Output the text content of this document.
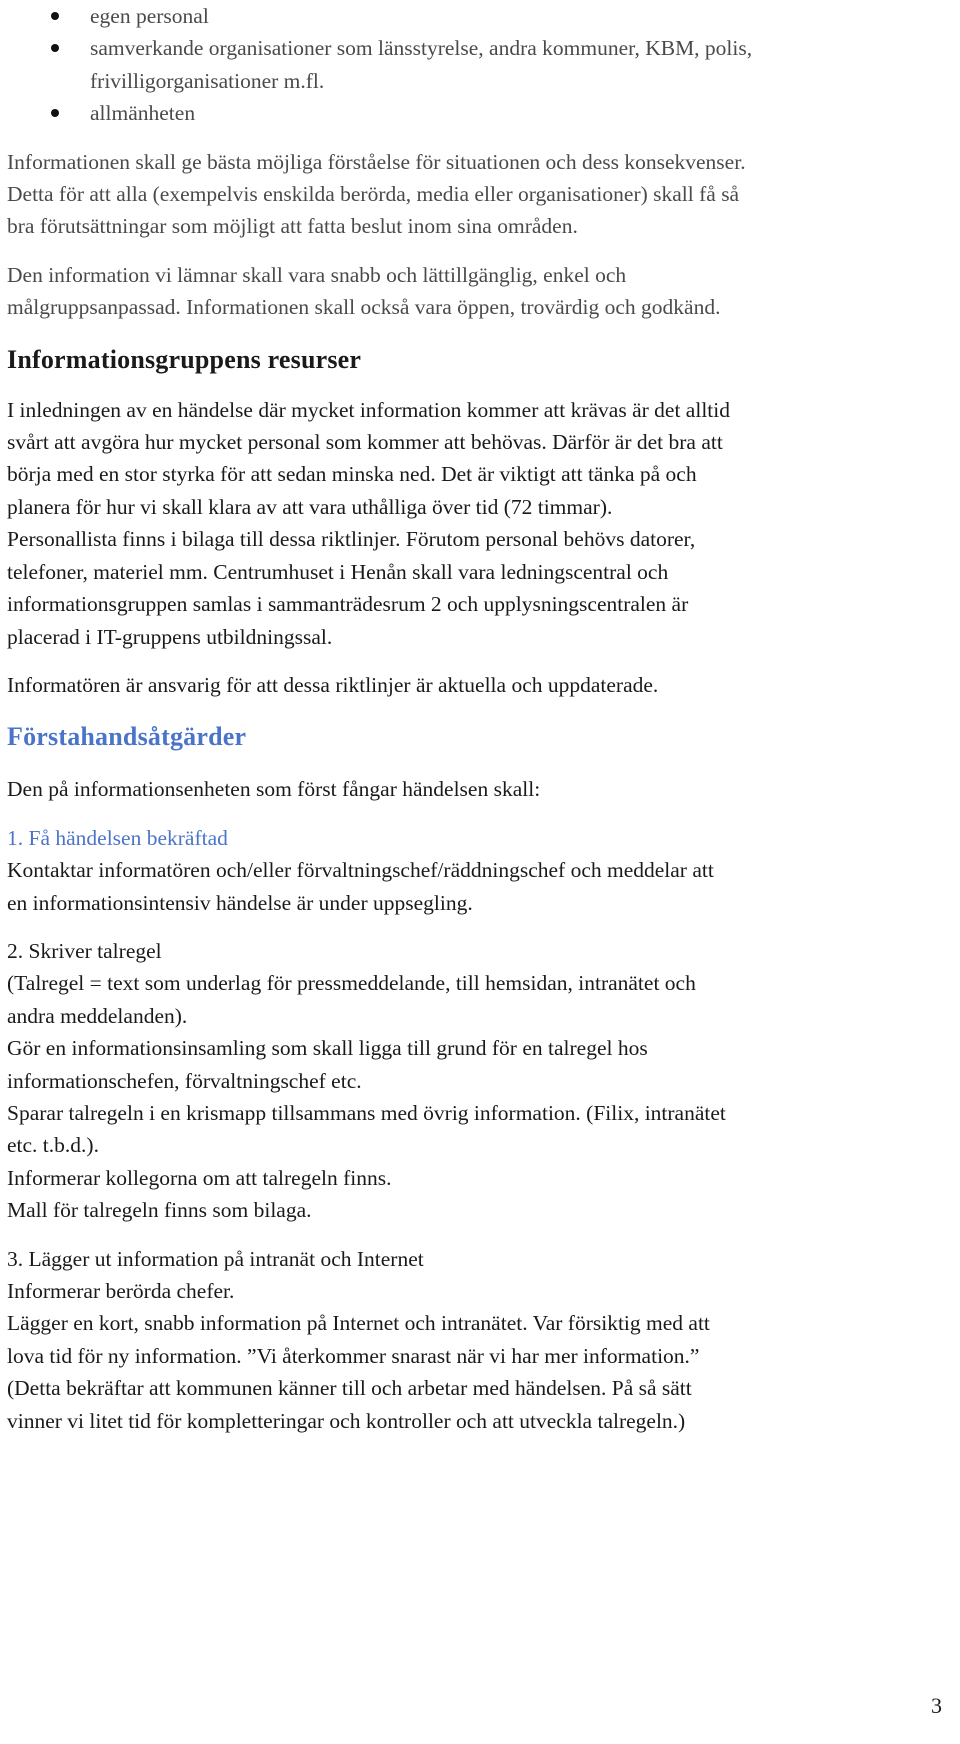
egen personal
samverkande organisationer som länsstyrelse, andra kommuner, KBM, polis,
frivilligorganisationer m.fl.
allmänheten

Informationen skall ge bästa möjliga förståelse för situationen och dess konsekvenser.

Detta för att alla (exempelvis enskilda berörda, media eller organisationer) skall få så

bra förutsättningar som möjligt att fatta beslut inom sina områden.

Den information vi lämnar skall vara snabb och lättillgänglig, enkel och

målgruppsanpassad. Informationen skall också vara öppen, trovärdig och godkänd.

Informationsgruppens resurser

I inledningen av en händelse där mycket information kommer att krävas är det alltid

svårt att avgöra hur mycket personal som kommer att behövas. Därför är det bra att

börja med en stor styrka för att sedan minska ned. Det är viktigt att tänka på och

planera för hur vi skall klara av att vara uthålliga över tid (72 timmar).

Personallista finns i bilaga till dessa riktlinjer. Förutom personal behövs datorer,

telefoner, materiel mm. Centrumhuset i Henån skall vara ledningscentral och

informationsgruppen samlas i sammanträdesrum 2 och upplysningscentralen är

placerad i IT-gruppens utbildningssal.

Informatören är ansvarig för att dessa riktlinjer är aktuella och uppdaterade.

Förstahandsåtgärder

Den på informationsenheten som först fångar händelsen skall:

1. Få händelsen bekräftad

Kontaktar informatören och/eller förvaltningschef/räddningschef och meddelar att

en informationsintensiv händelse är under uppsegling.

2. Skriver talregel

(Talregel = text som underlag för pressmeddelande, till hemsidan, intranätet och

andra meddelanden).

Gör en informationsinsamling som skall ligga till grund för en talregel hos

informationschefen, förvaltningschef etc.

Sparar talregeln i en krismapp tillsammans med övrig information. (Filix, intranätet

etc. t.b.d.).

Informerar kollegorna om att talregeln finns.

Mall för talregeln finns som bilaga.

3. Lägger ut information på intranät och Internet

Informerar berörda chefer.

Lägger en kort, snabb information på Internet och intranätet. Var försiktig med att

lova tid för ny information. ”Vi återkommer snarast när vi har mer information.”

(Detta bekräftar att kommunen känner till och arbetar med händelsen. På så sätt

vinner vi litet tid för kompletteringar och kontroller och att utveckla talregeln.)

3
